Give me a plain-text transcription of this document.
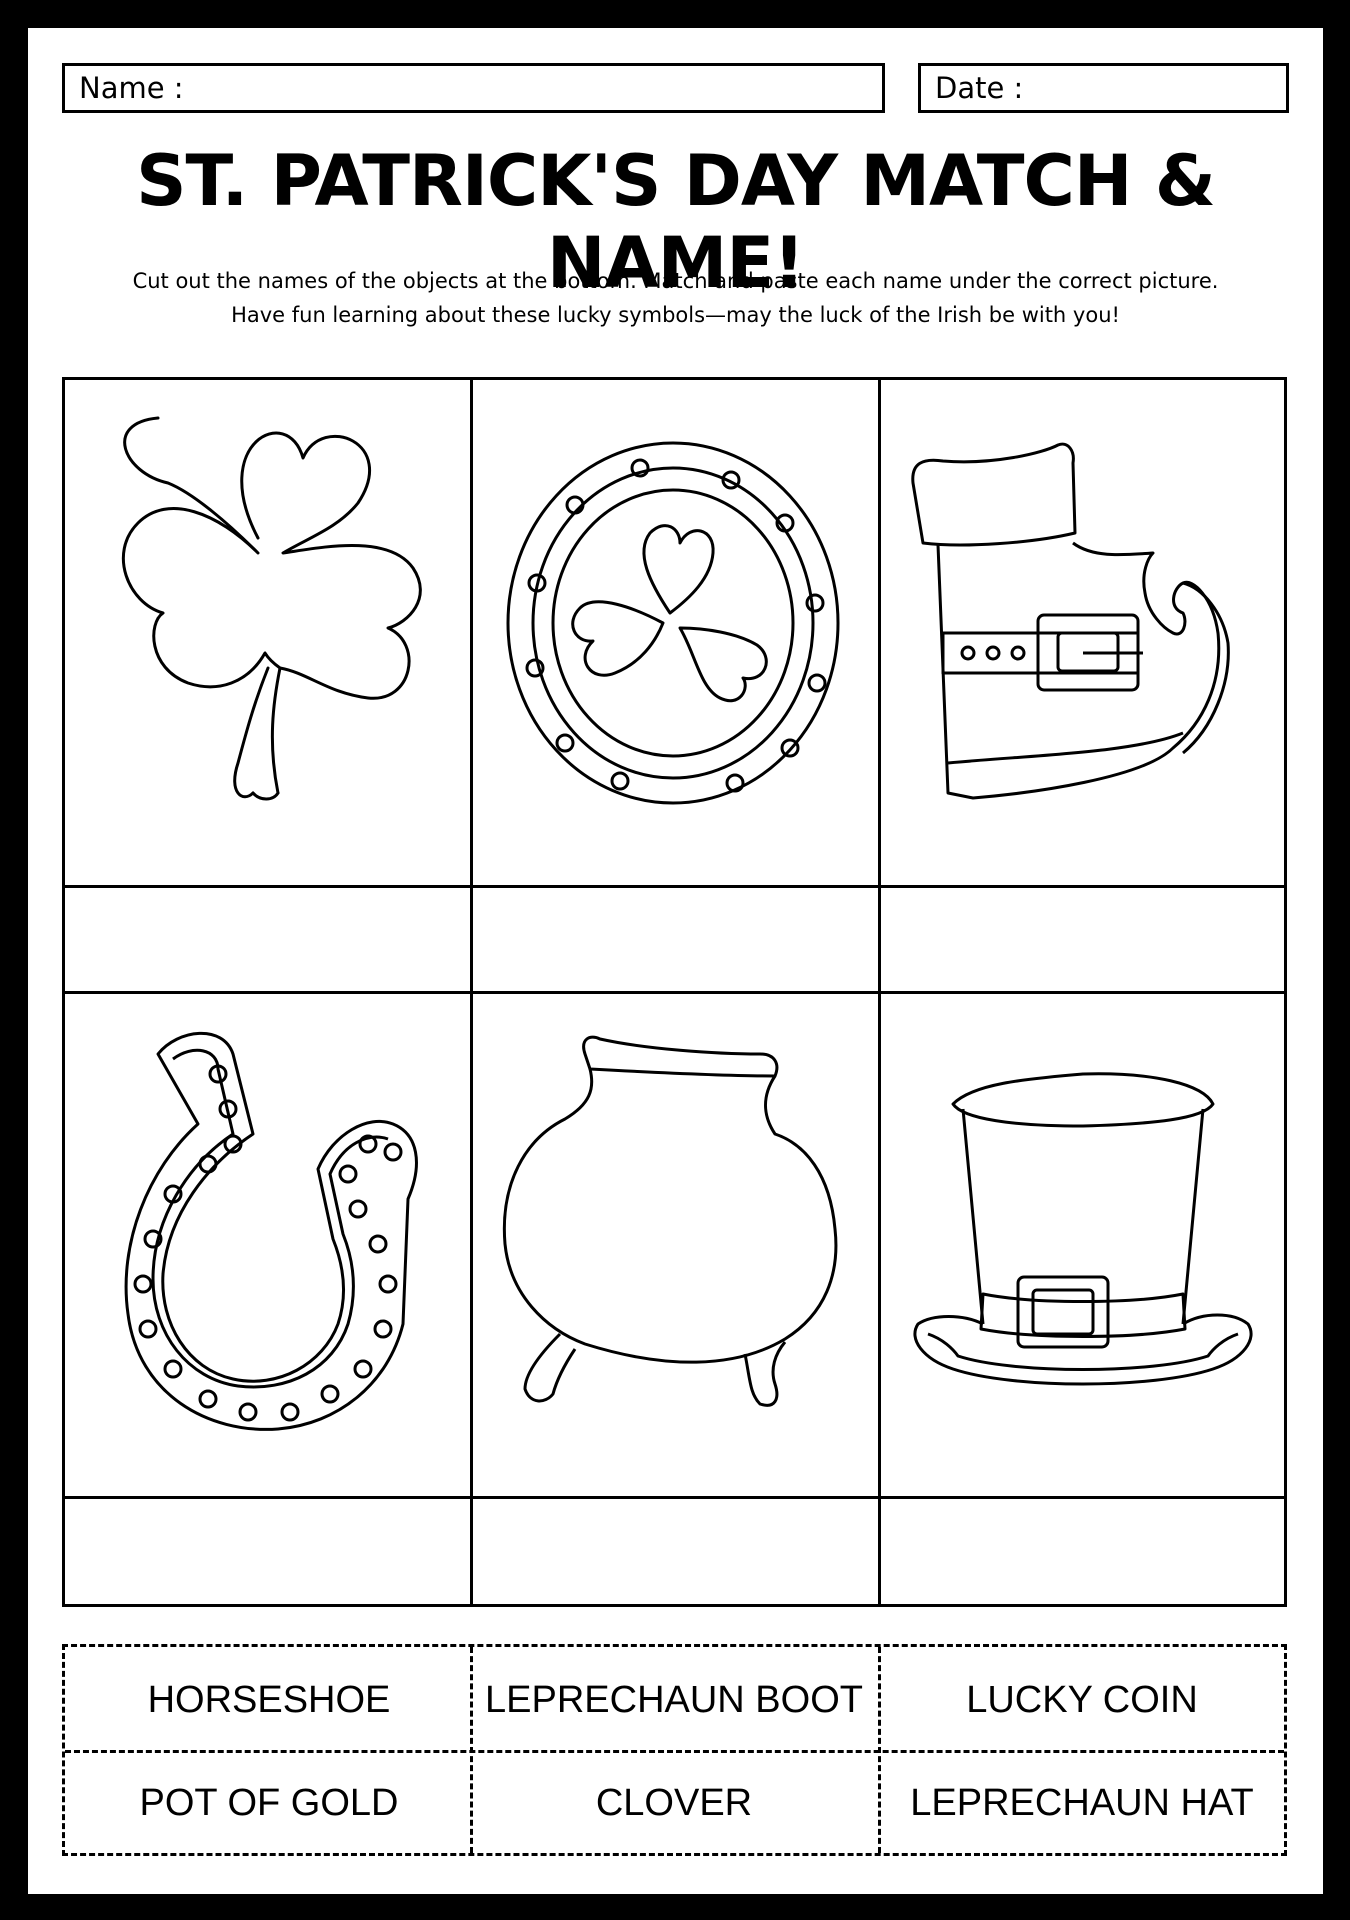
Name :	Date :
ST. PATRICK'S DAY MATCH & NAME!
Cut out the names of the objects at the bottom. Match and paste each name under the correct picture.
Have fun learning about these lucky symbols—may the luck of the Irish be with you!
HORSESHOE	LEPRECHAUN BOOT	LUCKY COIN
POT OF GOLD	CLOVER	LEPRECHAUN HAT
